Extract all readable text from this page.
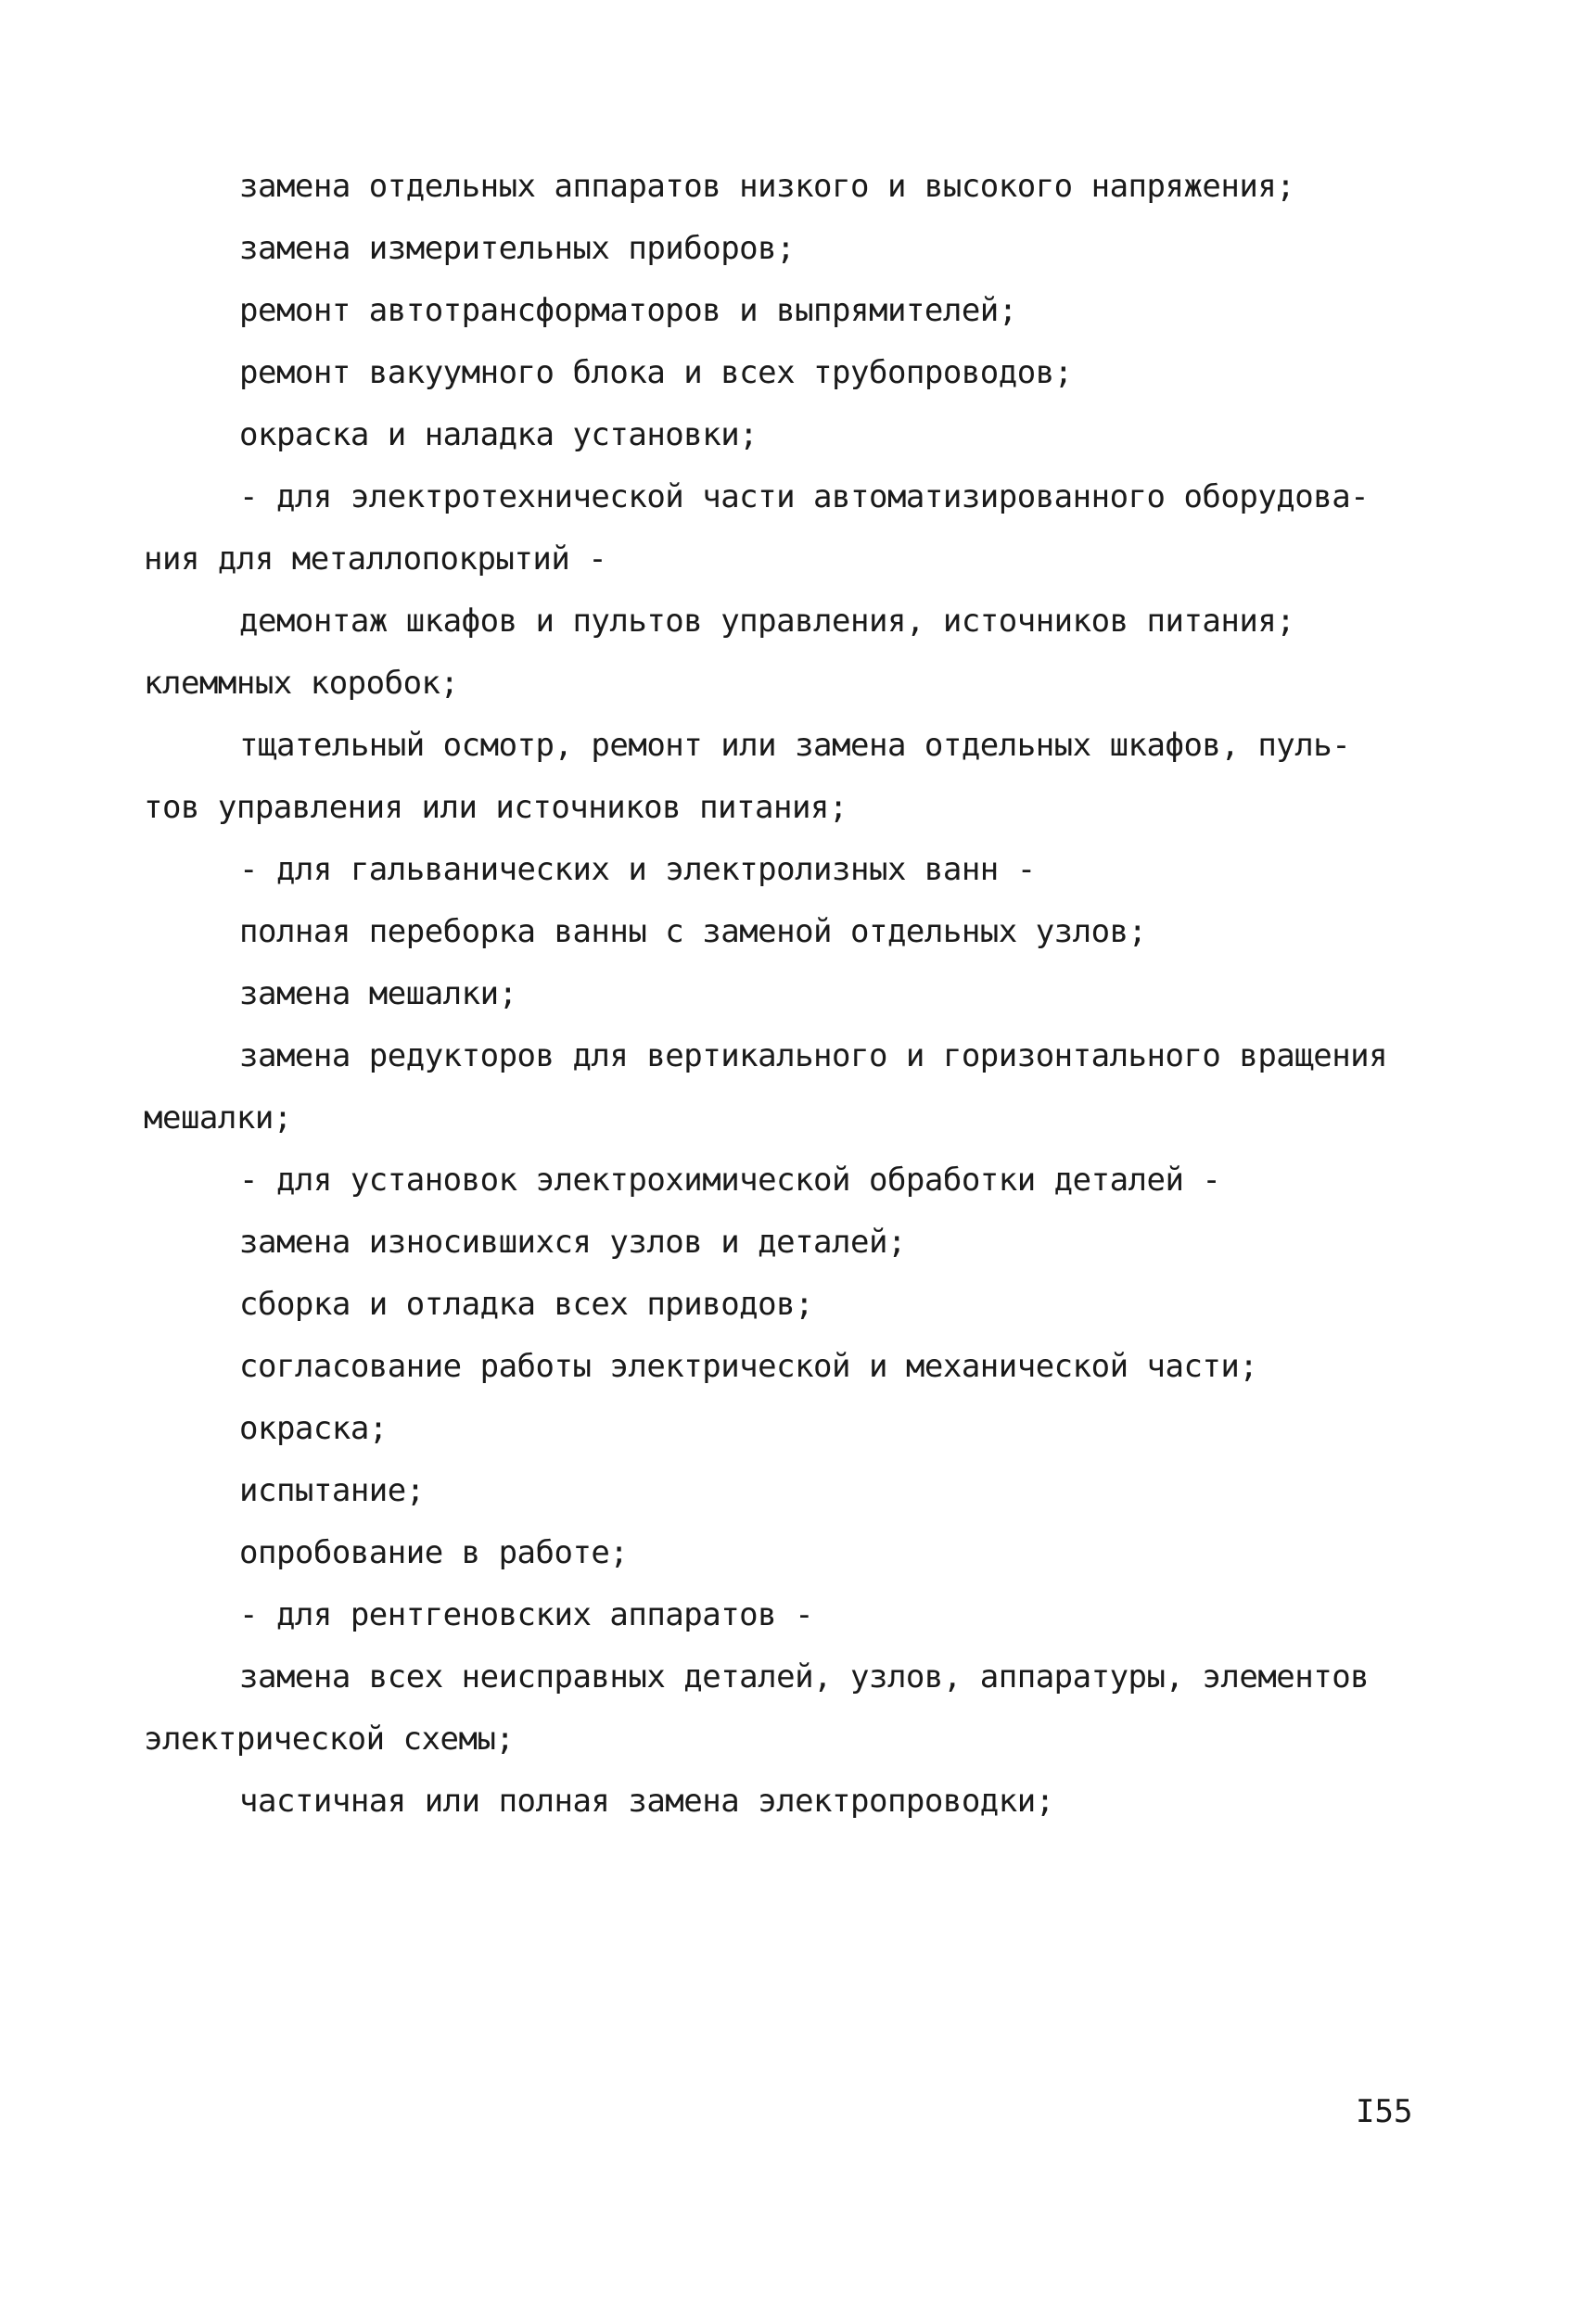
замена отдельных аппаратов низкого и высокого напряжения;
замена измерительных приборов;
ремонт автотрансформаторов и выпрямителей;
ремонт вакуумного блока и всех трубопроводов;
окраска и наладка установки;
- для электротехнической части автоматизированного оборудова-
ния для металлопокрытий -
демонтаж шкафов и пультов управления, источников питания;
клеммных коробок;
тщательный осмотр, ремонт или замена отдельных шкафов, пуль-
тов управления или источников питания;
- для гальванических и электролизных ванн -
полная переборка ванны с заменой отдельных узлов;
замена мешалки;
замена редукторов для вертикального и горизонтального вращения
мешалки;
- для установок электрохимической обработки деталей -
замена износившихся узлов и деталей;
сборка и отладка всех приводов;
согласование работы электрической и механической части;
окраска;
испытание;
опробование в работе;
- для рентгеновских аппаратов -
замена всех неисправных деталей, узлов, аппаратуры, элементов
электрической схемы;
частичная или полная замена электропроводки;
I55
